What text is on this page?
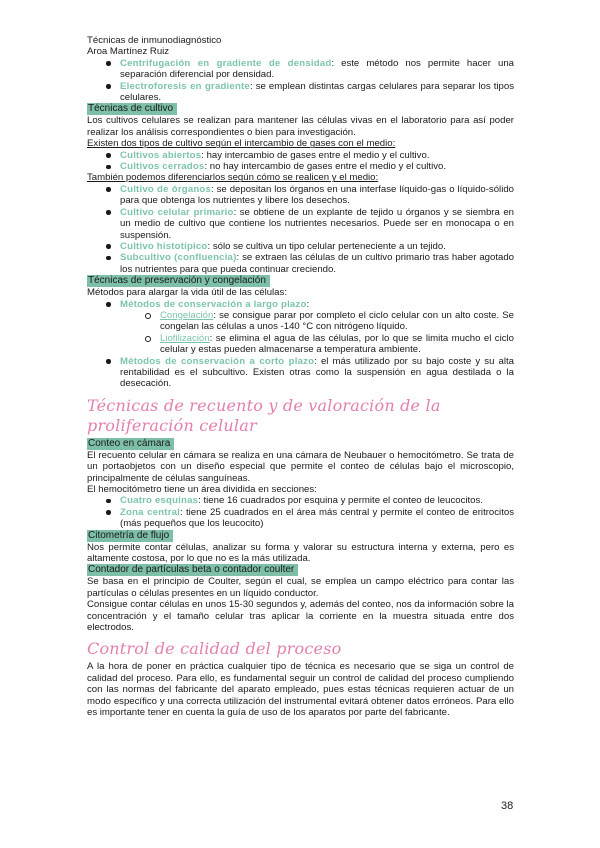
Técnicas de inmunodiagnóstico

Aroa Martínez Ruiz

Centrifugación en gradiente de densidad: este método nos permite hacer una separación diferencial por densidad.
Electroforesis en gradiente: se emplean distintas cargas celulares para separar los tipos celulares.
Técnicas de cultivo

Los cultivos celulares se realizan para mantener las células vivas en el laboratorio para así poder realizar los análisis correspondientes o bien para investigación.

Existen dos tipos de cultivo según el intercambio de gases con el medio:

Cultivos abiertos: hay intercambio de gases entre el medio y el cultivo.
Cultivos cerrados: no hay intercambio de gases entre el medio y el cultivo.

También podemos diferenciarlos según cómo se realicen y el medio:

Cultivo de órganos: se depositan los órganos en una interfase líquido-gas o líquido-sólido para que obtenga los nutrientes y libere los desechos.
Cultivo celular primario: se obtiene de un explante de tejido u órganos y se siembra en un medio de cultivo que contiene los nutrientes necesarios. Puede ser en monocapa o en suspensión.
Cultivo histotípico: sólo se cultiva un tipo celular perteneciente a un tejido.
Subcultivo (confluencia): se extraen las células de un cultivo primario tras haber agotado los nutrientes para que pueda continuar creciendo.
Técnicas de preservación y congelación

Métodos para alargar la vida útil de las células:

Métodos de conservación a largo plazo:
Congelación: se consigue parar por completo el ciclo celular con un alto coste. Se congelan las células a unos -140 °C con nitrógeno líquido.
Liofilización: se elimina el agua de las células, por lo que se limita mucho el ciclo celular y estas pueden almacenarse a temperatura ambiente.
Métodos de conservación a corto plazo: el más utilizado por su bajo coste y su alta rentabilidad es el subcultivo. Existen otras como la suspensión en agua destilada o la desecación.
Técnicas de recuento y de valoración de la proliferación celular
Conteo en cámara

El recuento celular en cámara se realiza en una cámara de Neubauer o hemocitómetro. Se trata de un portaobjetos con un diseño especial que permite el conteo de células bajo el microscopio, principalmente de células sanguíneas.

El hemocitómetro tiene un área dividida en secciones:

Cuatro esquinas: tiene 16 cuadrados por esquina y permite el conteo de leucocitos.
Zona central: tiene 25 cuadrados en el área más central y permite el conteo de eritrocitos (más pequeños que los leucocito)
Citometría de flujo

Nos permite contar células, analizar su forma y valorar su estructura interna y externa, pero es altamente costosa, por lo que no es la más utilizada.

Contador de partículas beta o contador coulter

Se basa en el principio de Coulter, según el cual, se emplea un campo eléctrico para contar las partículas o células presentes en un líquido conductor.

Consigue contar células en unos 15-30 segundos y, además del conteo, nos da información sobre la concentración y el tamaño celular tras aplicar la corriente en la muestra situada entre dos electrodos.

Control de calidad del proceso

A la hora de poner en práctica cualquier tipo de técnica es necesario que se siga un control de calidad del proceso. Para ello, es fundamental seguir un control de calidad del proceso cumpliendo con las normas del fabricante del aparato empleado, pues estas técnicas requieren actuar de un modo específico y una correcta utilización del instrumental evitará obtener datos erróneos. Para ello es importante tener en cuenta la guía de uso de los aparatos por parte del fabricante.

38
